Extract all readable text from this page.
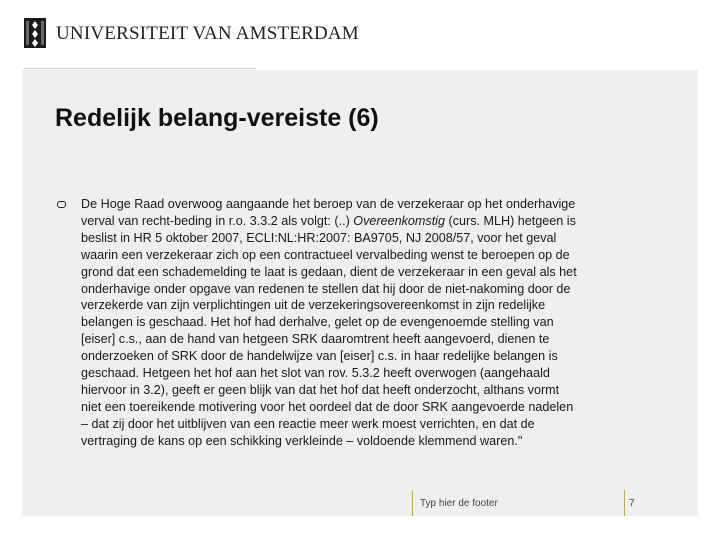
UNIVERSITEIT VAN AMSTERDAM
Redelijk belang-vereiste (6)
De Hoge Raad overwoog aangaande het beroep van de verzekeraar op het onderhavige
verval van recht-beding in r.o. 3.3.2 als volgt: (..) Overeenkomstig (curs. MLH) hetgeen is
beslist in HR 5 oktober 2007, ECLI:NL:HR:2007: BA9705, NJ 2008/57, voor het geval
waarin een verzekeraar zich op een contractueel vervalbeding wenst te beroepen op de
grond dat een schademelding te laat is gedaan, dient de verzekeraar in een geval als het
onderhavige onder opgave van redenen te stellen dat hij door de niet-nakoming door de
verzekerde van zijn verplichtingen uit de verzekeringsovereenkomst in zijn redelijke
belangen is geschaad. Het hof had derhalve, gelet op de evengenoemde stelling van
[eiser] c.s., aan de hand van hetgeen SRK daaromtrent heeft aangevoerd, dienen te
onderzoeken of SRK door de handelwijze van [eiser] c.s. in haar redelijke belangen is
geschaad. Hetgeen het hof aan het slot van rov. 5.3.2 heeft overwogen (aangehaald
hiervoor in 3.2), geeft er geen blijk van dat het hof dat heeft onderzocht, althans vormt
niet een toereikende motivering voor het oordeel dat de door SRK aangevoerde nadelen
– dat zij door het uitblijven van een reactie meer werk moest verrichten, en dat de
vertraging de kans op een schikking verkleinde – voldoende klemmend waren."
Typ hier de footer	7
